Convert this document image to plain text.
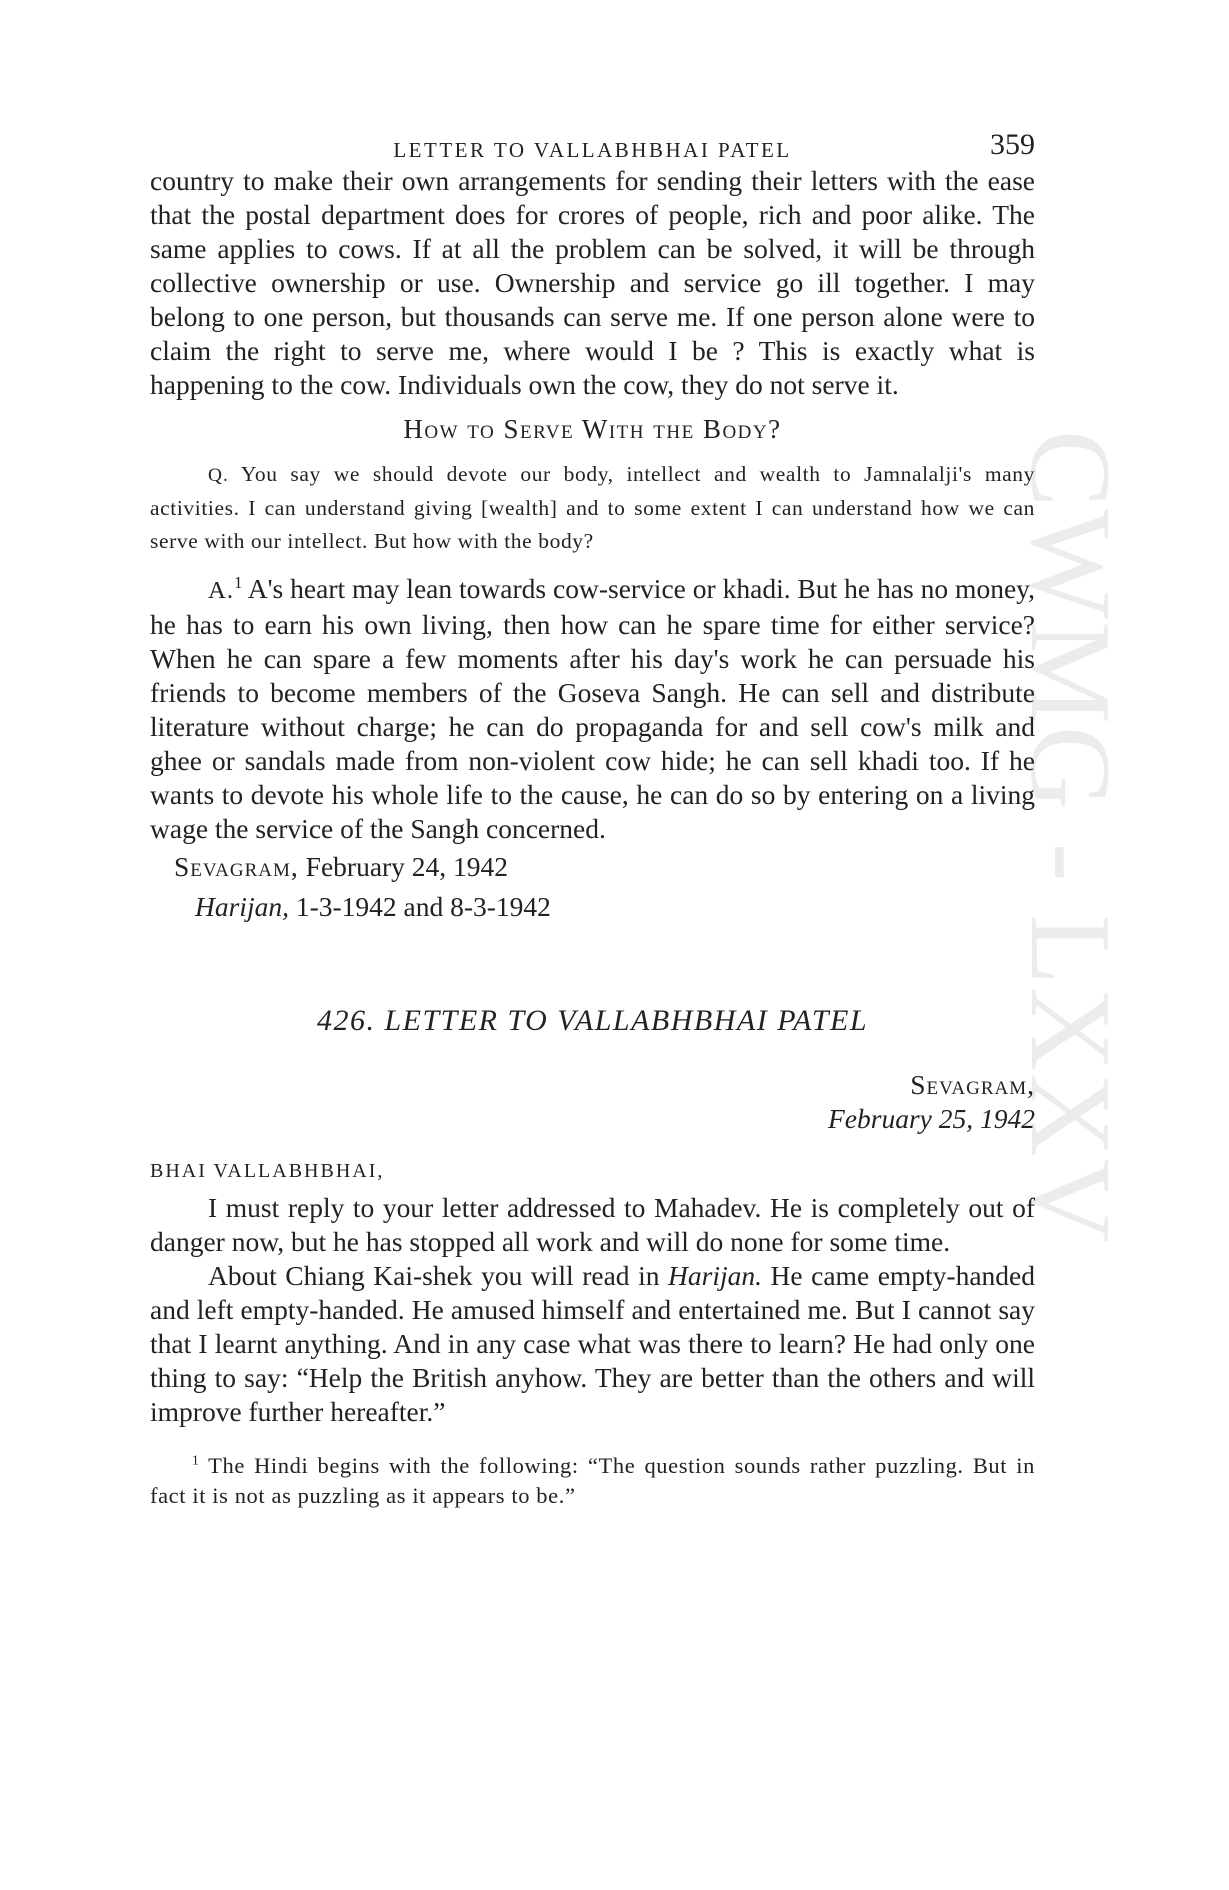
CWMG - LXXV
LETTER TO VALLABHBHAI PATEL	359

country to make their own arrangements for sending their letters with the ease that the postal department does for crores of people, rich and poor alike. The same applies to cows. If at all the problem can be solved, it will be through collective ownership or use. Ownership and service go ill together. I may belong to one person, but thousands can serve me. If one person alone were to claim the right to serve me, where would I be ? This is exactly what is happening to the cow. Individuals own the cow, they do not serve it.

How to Serve With the Body?

Q. You say we should devote our body, intellect and wealth to Jamnalalji's many activities. I can understand giving [wealth] and to some extent I can understand how we can serve with our intellect. But how with the body?

A.$^1$ A's heart may lean towards cow-service or khadi. But he has no money, he has to earn his own living, then how can he spare time for either service? When he can spare a few moments after his day's work he can persuade his friends to become members of the Goseva Sangh. He can sell and distribute literature without charge; he can do propaganda for and sell cow's milk and ghee or sandals made from non-violent cow hide; he can sell khadi too. If he wants to devote his whole life to the cause, he can do so by entering on a living wage the service of the Sangh concerned.

Sevagram, February 24, 1942
Harijan, 1-3-1942 and 8-3-1942
426. LETTER TO VALLABHBHAI PATEL
Sevagram,
February 25, 1942
BHAI VALLABHBHAI,

I must reply to your letter addressed to Mahadev. He is completely out of danger now, but he has stopped all work and will do none for some time.

About Chiang Kai-shek you will read in Harijan. He came empty-handed and left empty-handed. He amused himself and entertained me. But I cannot say that I learnt anything. And in any case what was there to learn? He had only one thing to say: “Help the British anyhow. They are better than the others and will improve further hereafter.”

$^1$ The Hindi begins with the following: “The question sounds rather puzzling. But in fact it is not as puzzling as it appears to be.”
